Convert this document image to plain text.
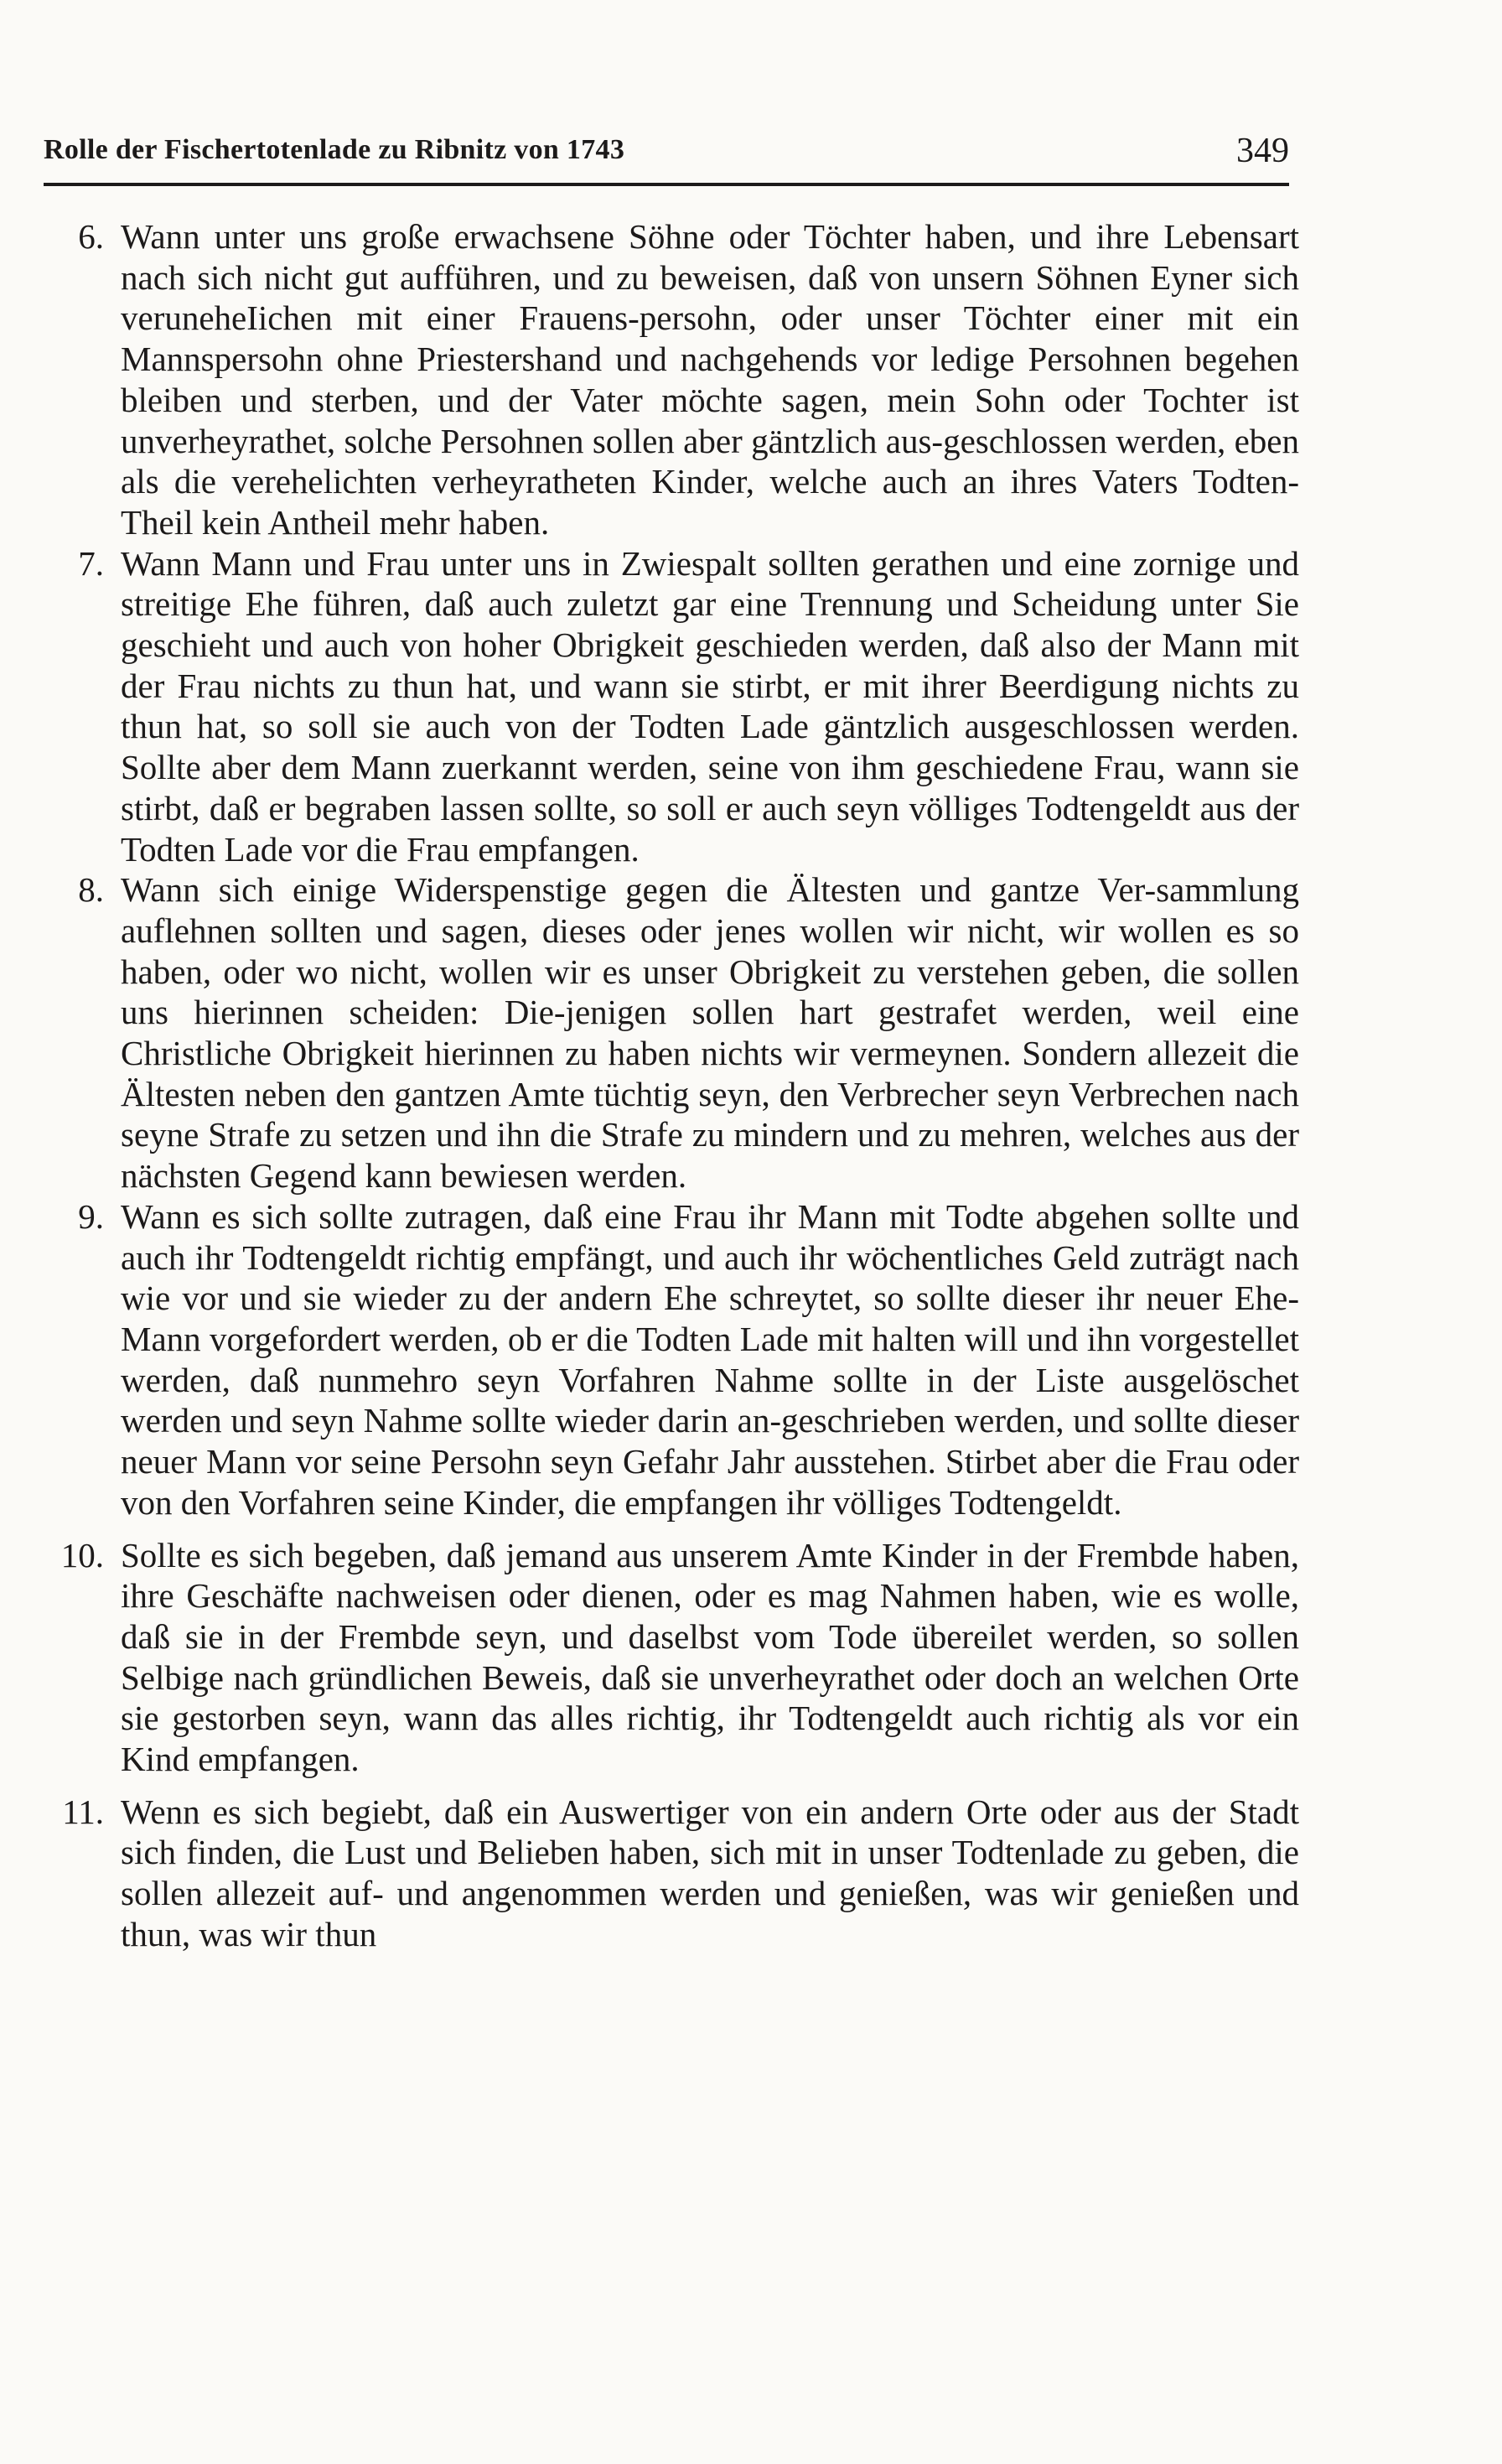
Rolle der Fischertotenlade zu Ribnitz von 1743	349

6. Wann unter uns große erwachsene Söhne oder Töchter haben, und ihre Lebensart nach sich nicht gut aufführen, und zu beweisen, daß von unsern Söhnen Eyner sich veruneheIichen mit einer Frauens-persohn, oder unser Töchter einer mit ein Mannspersohn ohne Priestershand und nachgehends vor ledige Persohnen begehen bleiben und sterben, und der Vater möchte sagen, mein Sohn oder Tochter ist unverheyrathet, solche Persohnen sollen aber gäntzlich aus-geschlossen werden, eben als die verehelichten verheyratheten Kinder, welche auch an ihres Vaters Todten-Theil kein Antheil mehr haben.

7. Wann Mann und Frau unter uns in Zwiespalt sollten gerathen und eine zornige und streitige Ehe führen, daß auch zuletzt gar eine Trennung und Scheidung unter Sie geschieht und auch von hoher Obrigkeit geschieden werden, daß also der Mann mit der Frau nichts zu thun hat, und wann sie stirbt, er mit ihrer Beerdigung nichts zu thun hat, so soll sie auch von der Todten Lade gäntzlich ausgeschlossen werden. Sollte aber dem Mann zuerkannt werden, seine von ihm geschiedene Frau, wann sie stirbt, daß er begraben lassen sollte, so soll er auch seyn völliges Todtengeldt aus der Todten Lade vor die Frau empfangen.

8. Wann sich einige Widerspenstige gegen die Ältesten und gantze Ver-sammlung auflehnen sollten und sagen, dieses oder jenes wollen wir nicht, wir wollen es so haben, oder wo nicht, wollen wir es unser Obrigkeit zu verstehen geben, die sollen uns hierinnen scheiden: Die-jenigen sollen hart gestrafet werden, weil eine Christliche Obrigkeit hierinnen zu haben nichts wir vermeynen. Sondern allezeit die Ältesten neben den gantzen Amte tüchtig seyn, den Verbrecher seyn Verbrechen nach seyne Strafe zu setzen und ihn die Strafe zu mindern und zu mehren, welches aus der nächsten Gegend kann bewiesen werden.

9. Wann es sich sollte zutragen, daß eine Frau ihr Mann mit Todte abgehen sollte und auch ihr Todtengeldt richtig empfängt, und auch ihr wöchentliches Geld zuträgt nach wie vor und sie wieder zu der andern Ehe schreytet, so sollte dieser ihr neuer Ehe-Mann vorgefordert werden, ob er die Todten Lade mit halten will und ihn vorgestellet werden, daß nunmehro seyn Vorfahren Nahme sollte in der Liste ausgelöschet werden und seyn Nahme sollte wieder darin an-geschrieben werden, und sollte dieser neuer Mann vor seine Persohn seyn Gefahr Jahr ausstehen. Stirbet aber die Frau oder von den Vorfahren seine Kinder, die empfangen ihr völliges Todtengeldt.

10. Sollte es sich begeben, daß jemand aus unserem Amte Kinder in der Frembde haben, ihre Geschäfte nachweisen oder dienen, oder es mag Nahmen haben, wie es wolle, daß sie in der Frembde seyn, und daselbst vom Tode übereilet werden, so sollen Selbige nach gründlichen Beweis, daß sie unverheyrathet oder doch an welchen Orte sie gestorben seyn, wann das alles richtig, ihr Todtengeldt auch richtig als vor ein Kind empfangen.

11. Wenn es sich begiebt, daß ein Auswertiger von ein andern Orte oder aus der Stadt sich finden, die Lust und Belieben haben, sich mit in unser Todtenlade zu geben, die sollen allezeit auf- und angenommen werden und genießen, was wir genießen und thun, was wir thun
